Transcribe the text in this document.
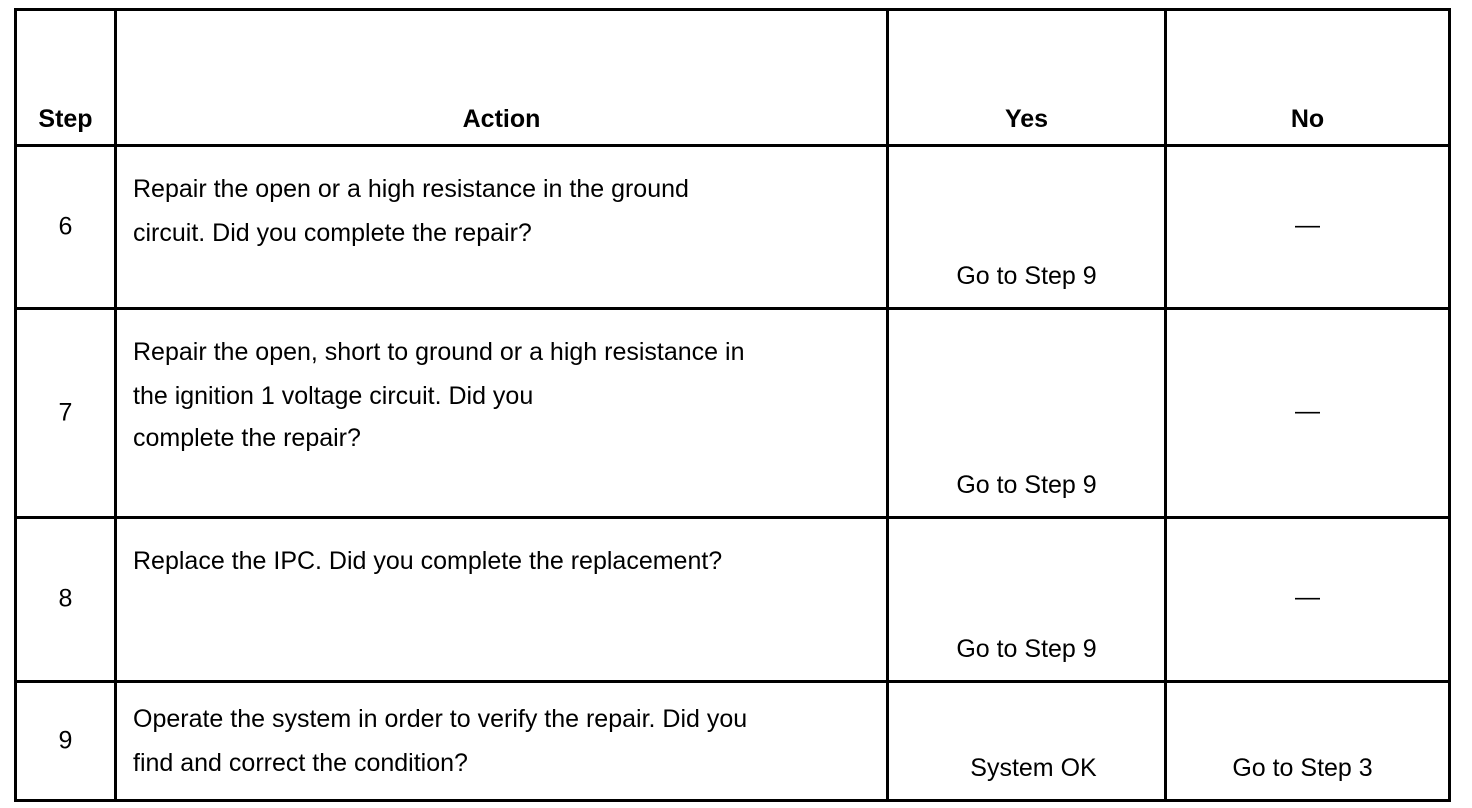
Step	Action	Yes	No

6	Repair the open or a high resistance in the ground
circuit. Did you complete the repair?	Go to Step 9	—

7	Repair the open, short to ground or a high resistance in
the ignition 1 voltage circuit. Did you
complete the repair?	Go to Step 9	—

8	Replace the IPC. Did you complete the replacement?	Go to Step 9	—

9	Operate the system in order to verify the repair. Did you
find and correct the condition?	System OK	Go to Step 3
